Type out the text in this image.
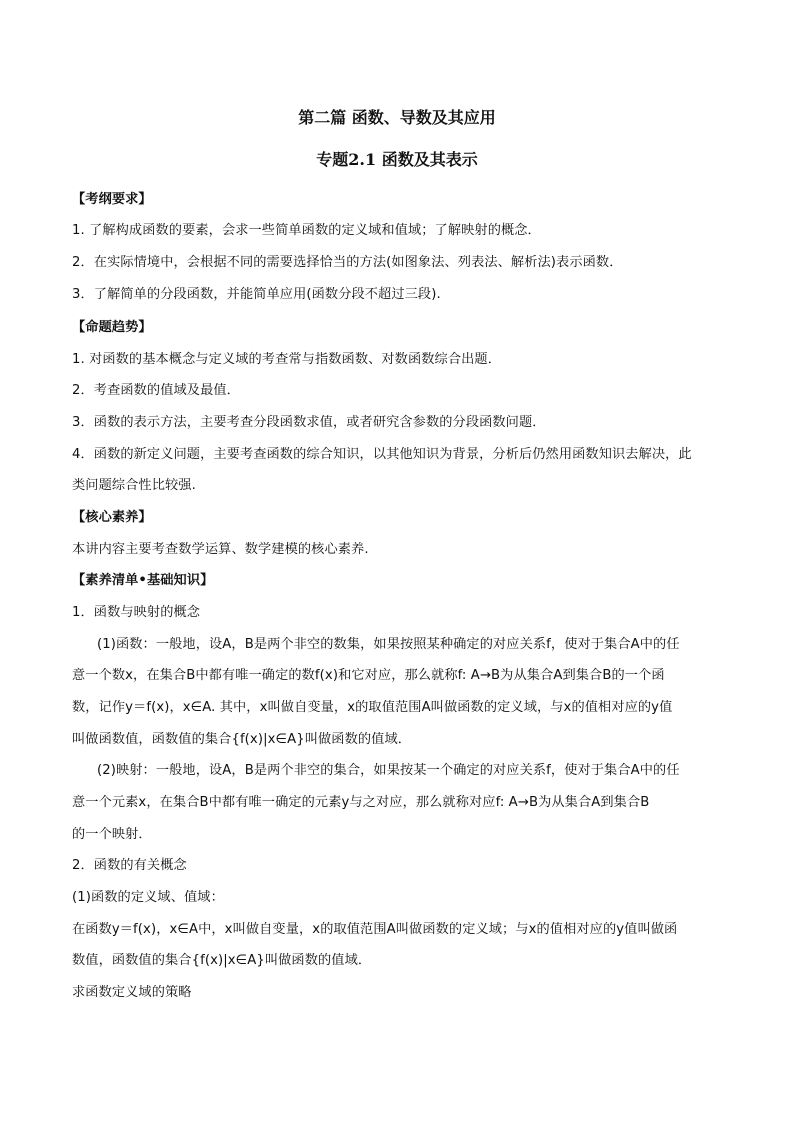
第二篇 函数、导数及其应用
专题2.1 函数及其表示
【考纲要求】
1. 了解构成函数的要素，会求一些简单函数的定义域和值域；了解映射的概念．
2．在实际情境中，会根据不同的需要选择恰当的方法(如图象法、列表法、解析法)表示函数．
3．了解简单的分段函数，并能简单应用(函数分段不超过三段).
【命题趋势】
1. 对函数的基本概念与定义域的考查常与指数函数、对数函数综合出题．
2．考查函数的值域及最值．
3．函数的表示方法，主要考查分段函数求值，或者研究含参数的分段函数问题．
4．函数的新定义问题，主要考查函数的综合知识，以其他知识为背景，分析后仍然用函数知识去解决，此
类问题综合性比较强.
【核心素养】
本讲内容主要考查数学运算、数学建模的核心素养.
【素养清单•基础知识】
1．函数与映射的概念
(1)函数：一般地，设A，B是两个非空的数集，如果按照某种确定的对应关系f，使对于集合A中的任
意一个数x，在集合B中都有唯一确定的数f(x)和它对应，那么就称f: A→B为从集合A到集合B的一个函
数，记作y＝f(x)，x∈A. 其中，x叫做自变量，x的取值范围A叫做函数的定义域，与x的值相对应的y值
叫做函数值，函数值的集合{f(x)|x∈A}叫做函数的值域．
(2)映射：一般地，设A，B是两个非空的集合，如果按某一个确定的对应关系f，使对于集合A中的任
意一个元素x，在集合B中都有唯一确定的元素y与之对应，那么就称对应f: A→B为从集合A到集合B
的一个映射．
2．函数的有关概念
(1)函数的定义域、值域：
在函数y＝f(x)，x∈A中，x叫做自变量，x的取值范围A叫做函数的定义域；与x的值相对应的y值叫做函
数值，函数值的集合{f(x)|x∈A}叫做函数的值域．
求函数定义域的策略
